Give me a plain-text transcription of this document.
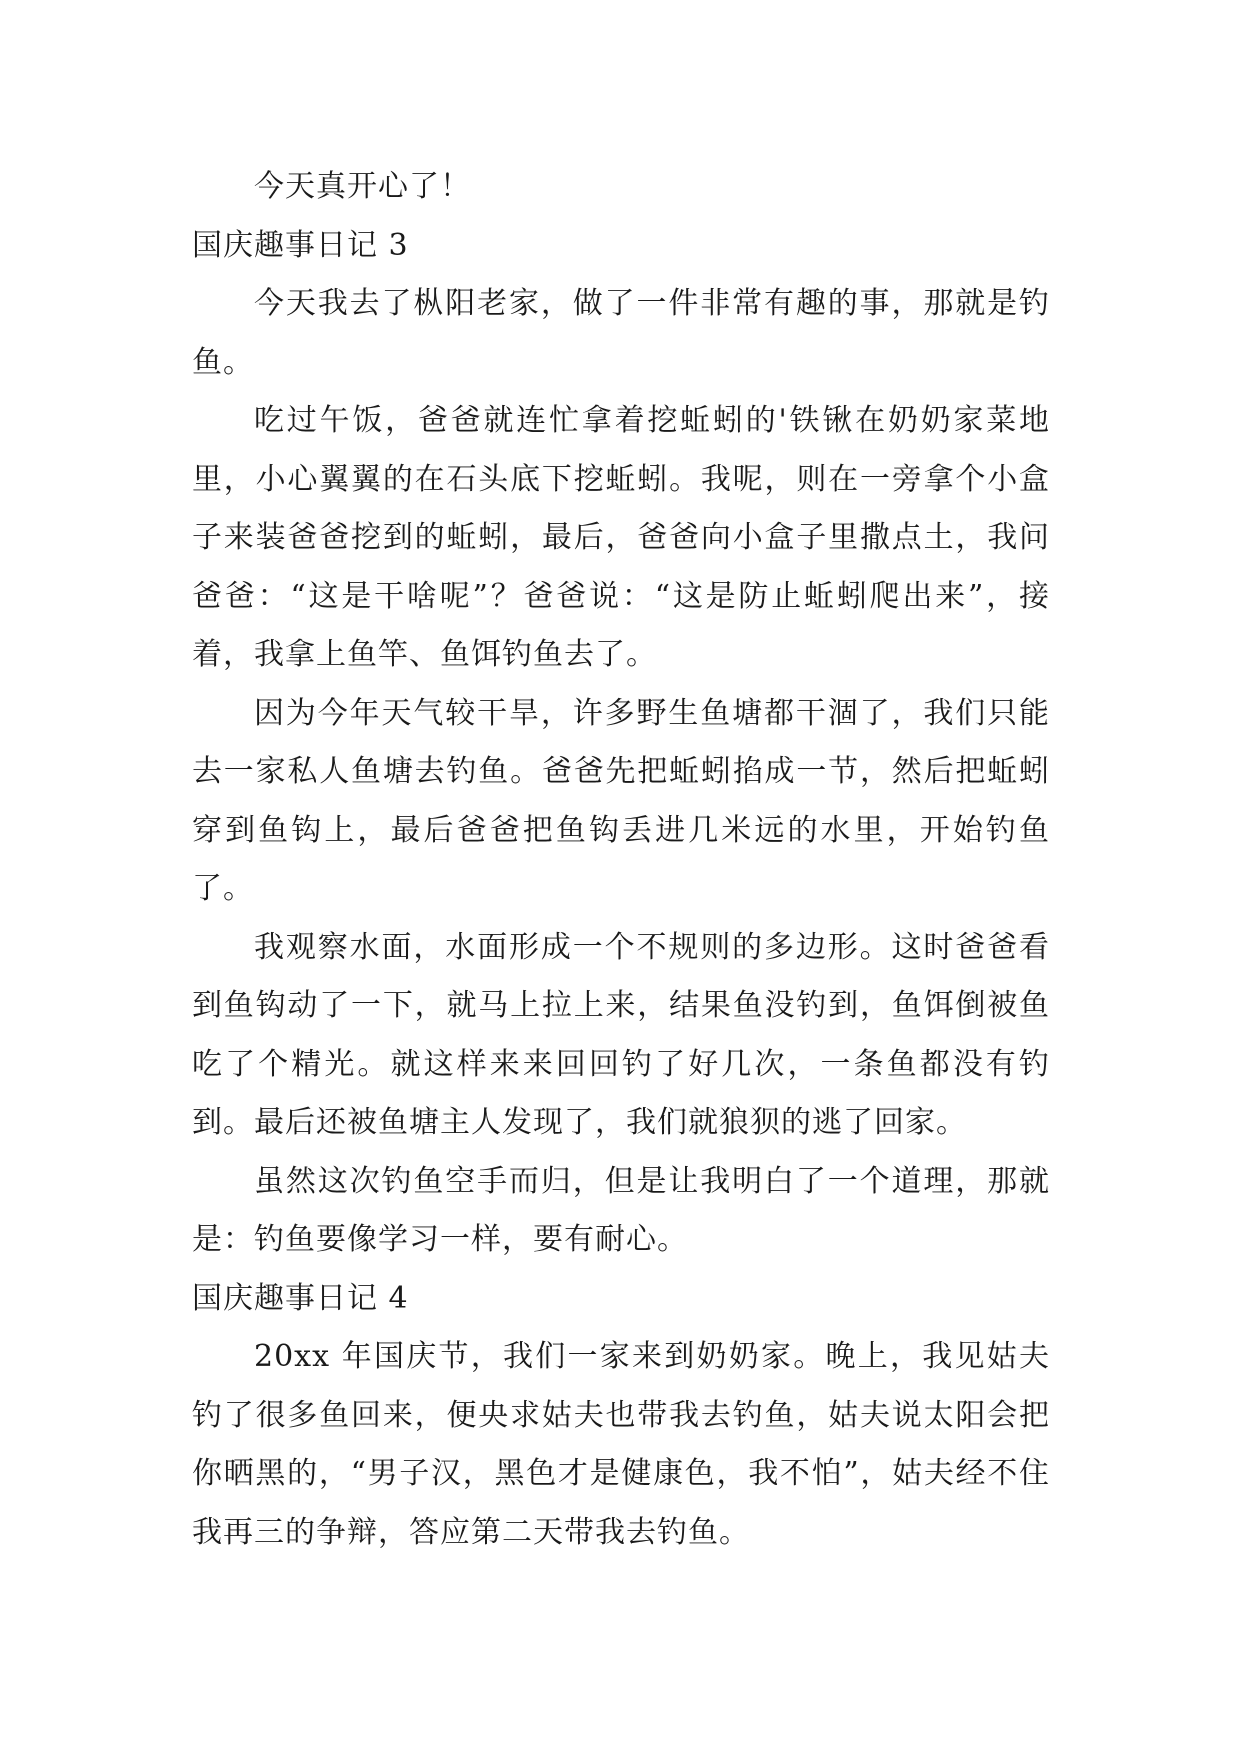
今天真开心了！

国庆趣事日记 3

今天我去了枞阳老家，做了一件非常有趣的事，那就是钓鱼。

吃过午饭，爸爸就连忙拿着挖蚯蚓的'铁锹在奶奶家菜地里，小心翼翼的在石头底下挖蚯蚓。我呢，则在一旁拿个小盒子来装爸爸挖到的蚯蚓，最后，爸爸向小盒子里撒点土，我问爸爸：“这是干啥呢”？爸爸说：“这是防止蚯蚓爬出来”，接着，我拿上鱼竿、鱼饵钓鱼去了。

因为今年天气较干旱，许多野生鱼塘都干涸了，我们只能去一家私人鱼塘去钓鱼。爸爸先把蚯蚓掐成一节，然后把蚯蚓穿到鱼钩上，最后爸爸把鱼钩丢进几米远的水里，开始钓鱼了。

我观察水面，水面形成一个不规则的多边形。这时爸爸看到鱼钩动了一下，就马上拉上来，结果鱼没钓到，鱼饵倒被鱼吃了个精光。就这样来来回回钓了好几次，一条鱼都没有钓到。最后还被鱼塘主人发现了，我们就狼狈的逃了回家。

虽然这次钓鱼空手而归，但是让我明白了一个道理，那就是：钓鱼要像学习一样，要有耐心。

国庆趣事日记 4

20xx 年国庆节，我们一家来到奶奶家。晚上，我见姑夫钓了很多鱼回来，便央求姑夫也带我去钓鱼，姑夫说太阳会把你晒黑的，“男子汉，黑色才是健康色，我不怕”，姑夫经不住我再三的争辩，答应第二天带我去钓鱼。
